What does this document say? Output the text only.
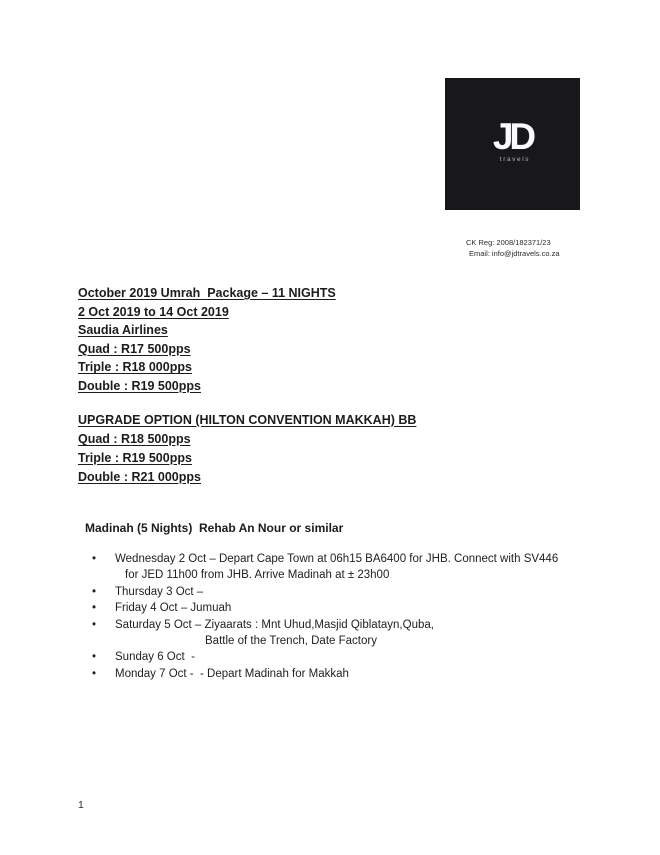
JD
travels
CK Reg: 2008/182371/23
Email: info@jdtravels.co.za
October 2019 Umrah  Package – 11 NIGHTS
2 Oct 2019 to 14 Oct 2019
Saudia Airlines
Quad : R17 500pps
Triple : R18 000pps
Double : R19 500pps
UPGRADE OPTION (HILTON CONVENTION MAKKAH) BB
Quad : R18 500pps
Triple : R19 500pps
Double : R21 000pps
Madinah (5 Nights)  Rehab An Nour or similar
•
Wednesday 2 Oct – Depart Cape Town at 06h15 BA6400 for JHB. Connect with SV446
for JED 11h00 from JHB. Arrive Madinah at ± 23h00
•
Thursday 3 Oct –
•
Friday 4 Oct – Jumuah
•
Saturday 5 Oct – Ziyaarats : Mnt Uhud,Masjid Qiblatayn,Quba,
Battle of the Trench, Date Factory
•
Sunday 6 Oct  -
•
Monday 7 Oct -  - Depart Madinah for Makkah
1
